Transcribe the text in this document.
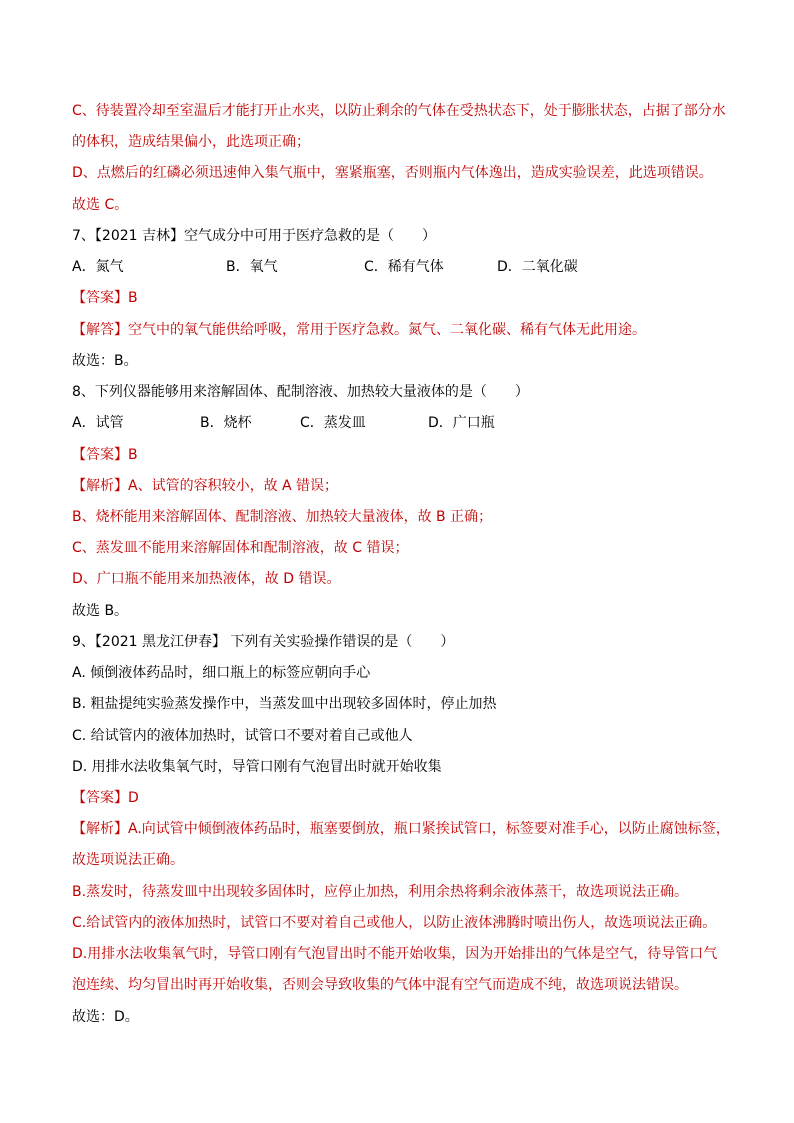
C、待装置冷却至室温后才能打开止水夹，以防止剩余的气体在受热状态下，处于膨胀状态，占据了部分水
的体积，造成结果偏小，此选项正确；
D、点燃后的红磷必须迅速伸入集气瓶中，塞紧瓶塞，否则瓶内气体逸出，造成实验误差，此选项错误。
故选 C。
7、【2021 吉林】空气成分中可用于医疗急救的是（　　）
A．氮气	B．氧气	C．稀有气体	D．二氧化碳
【答案】B
【解答】空气中的氧气能供给呼吸，常用于医疗急救。氮气、二氧化碳、稀有气体无此用途。
故选：B。
8、下列仪器能够用来溶解固体、配制溶液、加热较大量液体的是（　　）
A．试管	B．烧杯	C．蒸发皿	D．广口瓶
【答案】B
【解析】A、试管的容积较小，故 A 错误；
B、烧杯能用来溶解固体、配制溶液、加热较大量液体，故 B 正确；
C、蒸发皿不能用来溶解固体和配制溶液，故 C 错误；
D、广口瓶不能用来加热液体，故 D 错误。
故选 B。
9、【2021 黑龙江伊春】 下列有关实验操作错误的是（　　）
A. 倾倒液体药品时，细口瓶上的标签应朝向手心
B. 粗盐提纯实验蒸发操作中，当蒸发皿中出现较多固体时，停止加热
C. 给试管内的液体加热时，试管口不要对着自己或他人
D. 用排水法收集氧气时，导管口刚有气泡冒出时就开始收集
【答案】D
【解析】A.向试管中倾倒液体药品时，瓶塞要倒放，瓶口紧挨试管口，标签要对准手心，以防止腐蚀标签，
故选项说法正确。
B.蒸发时，待蒸发皿中出现较多固体时，应停止加热，利用余热将剩余液体蒸干，故选项说法正确。
C.给试管内的液体加热时，试管口不要对着自己或他人，以防止液体沸腾时喷出伤人，故选项说法正确。
D.用排水法收集氧气时，导管口刚有气泡冒出时不能开始收集，因为开始排出的气体是空气，待导管口气
泡连续、均匀冒出时再开始收集，否则会导致收集的气体中混有空气而造成不纯，故选项说法错误。
故选：D。
